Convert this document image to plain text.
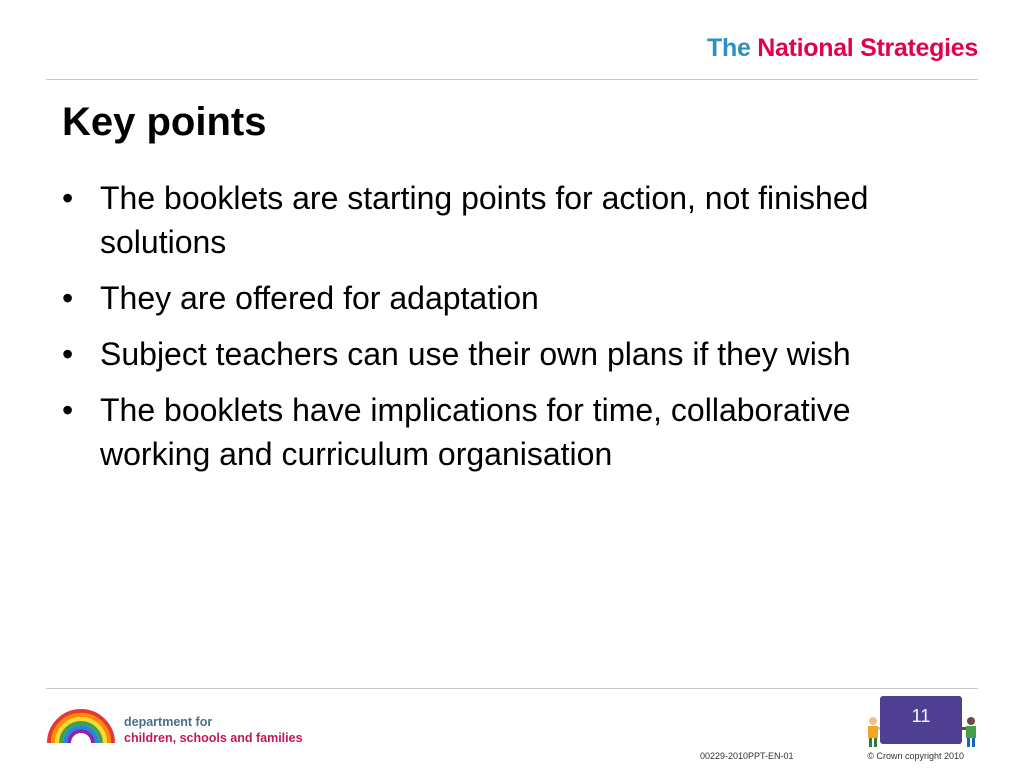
The National Strategies
Key points
• The booklets are starting points for action, not finished solutions
• They are offered for adaptation
• Subject teachers can use their own plans if they wish
• The booklets have implications for time, collaborative working and curriculum organisation
department for
children, schools and families
11
00229-2010PPT-EN-01	© Crown copyright 2010
